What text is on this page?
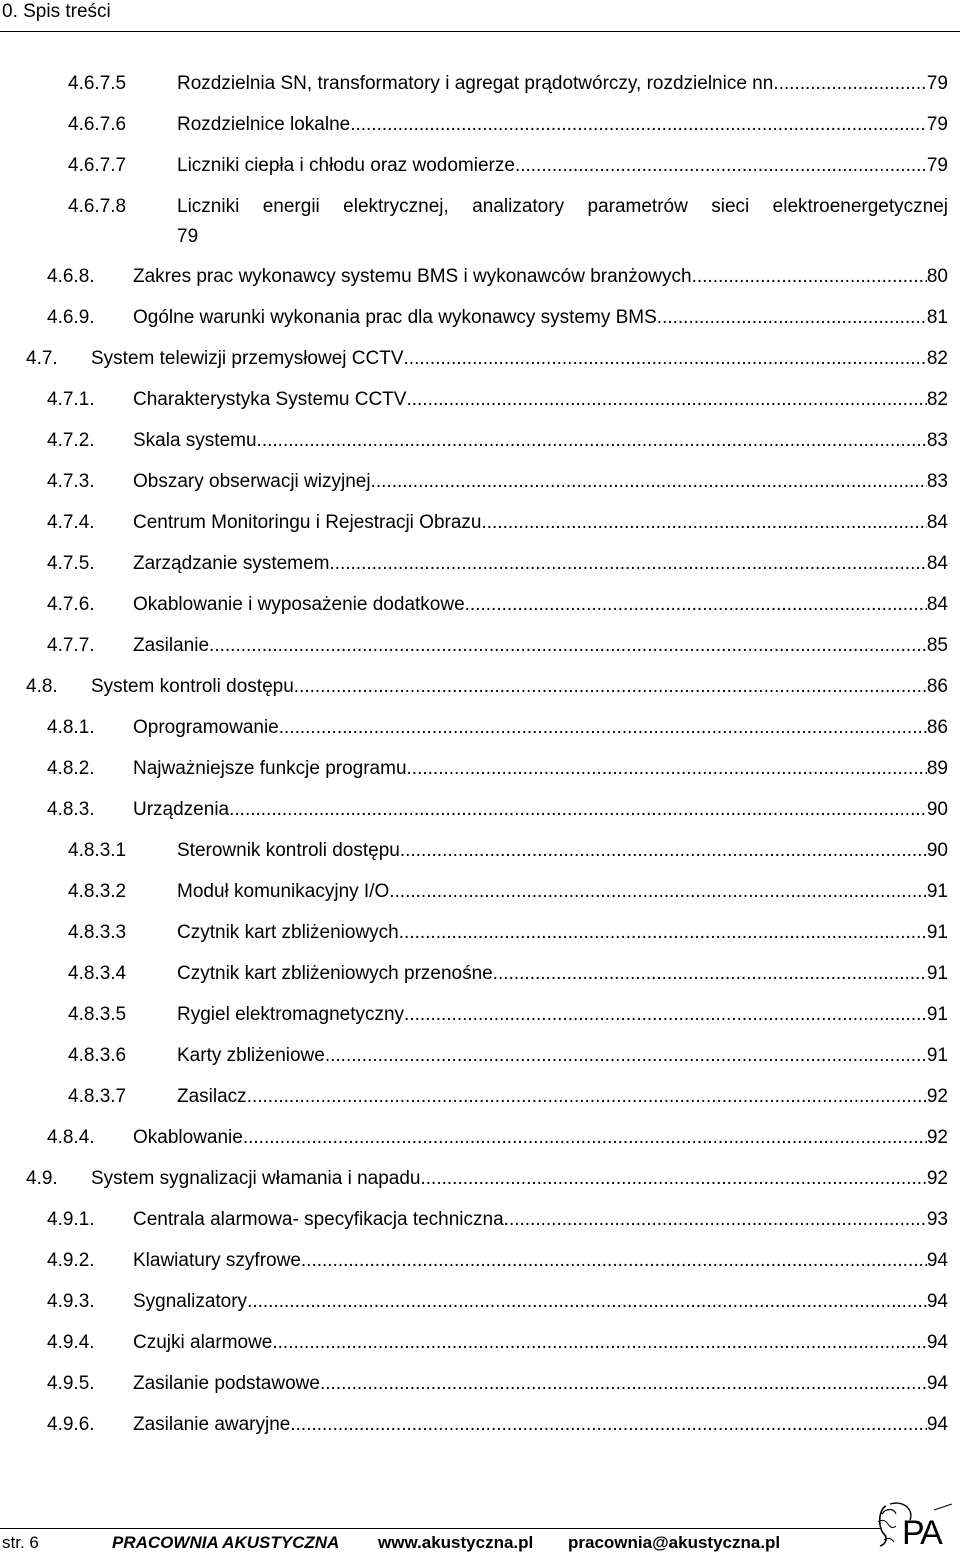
0. Spis treści
4.6.7.5	Rozdzielnia SN, transformatory i agregat prądotwórczy, rozdzielnice nn .....	79
4.6.7.6	Rozdzielnice lokalne .....	79
4.6.7.7	Liczniki ciepła i chłodu oraz wodomierze .....	79
4.6.7.8	Liczniki energii elektrycznej, analizatory parametrów sieci elektroenergetycznej
79
4.6.8. Zakres prac wykonawcy systemu BMS i wykonawców branżowych .....	80
4.6.9. Ogólne warunki wykonania prac dla wykonawcy systemy BMS .....	81
4.7. System telewizji przemysłowej CCTV .....	82
4.7.1. Charakterystyka Systemu CCTV .....	82
4.7.2. Skala systemu .....	83
4.7.3. Obszary obserwacji wizyjnej .....	83
4.7.4. Centrum Monitoringu i Rejestracji Obrazu .....	84
4.7.5. Zarządzanie systemem .....	84
4.7.6. Okablowanie i wyposażenie dodatkowe .....	84
4.7.7. Zasilanie .....	85
4.8. System kontroli dostępu .....	86
4.8.1. Oprogramowanie .....	86
4.8.2. Najważniejsze funkcje programu .....	89
4.8.3. Urządzenia .....	90
4.8.3.1	Sterownik kontroli dostępu .....	90
4.8.3.2	Moduł komunikacyjny I/O .....	91
4.8.3.3	Czytnik kart zbliżeniowych .....	91
4.8.3.4	Czytnik kart zbliżeniowych przenośne .....	91
4.8.3.5	Rygiel elektromagnetyczny .....	91
4.8.3.6	Karty zbliżeniowe .....	91
4.8.3.7	Zasilacz .....	92
4.8.4. Okablowanie .....	92
4.9. System sygnalizacji włamania i napadu .....	92
4.9.1. Centrala alarmowa- specyfikacja techniczna .....	93
4.9.2. Klawiatury szyfrowe .....	94
4.9.3. Sygnalizatory .....	94
4.9.4. Czujki alarmowe .....	94
4.9.5. Zasilanie podstawowe .....	94
4.9.6. Zasilanie awaryjne .....	94
str. 6	PRACOWNIA AKUSTYCZNA www.akustyczna.pl pracownia@akustyczna.pl	PA
